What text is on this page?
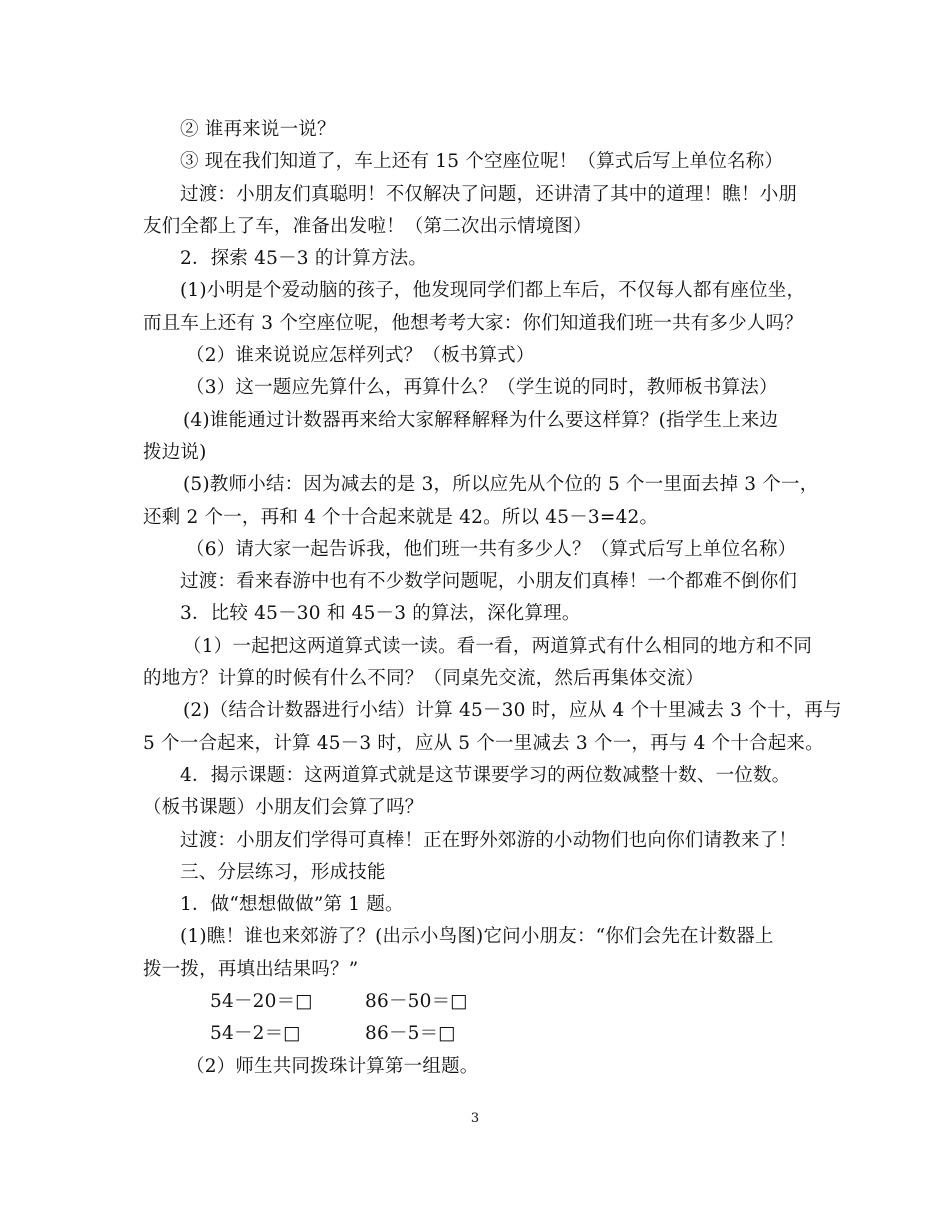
② 谁再来说一说？
③ 现在我们知道了，车上还有 15 个空座位呢！（算式后写上单位名称）
过渡：小朋友们真聪明！不仅解决了问题，还讲清了其中的道理！瞧！小朋
友们全都上了车，准备出发啦！（第二次出示情境图）
2．探索 45－3 的计算方法。
(1)小明是个爱动脑的孩子，他发现同学们都上车后，不仅每人都有座位坐，
而且车上还有 3 个空座位呢，他想考考大家：你们知道我们班一共有多少人吗？
（2）谁来说说应怎样列式？（板书算式）
（3）这一题应先算什么，再算什么？（学生说的同时，教师板书算法）
(4)谁能通过计数器再来给大家解释解释为什么要这样算？(指学生上来边
拨边说)
(5)教师小结：因为减去的是 3，所以应先从个位的 5 个一里面去掉 3 个一，
还剩 2 个一，再和 4 个十合起来就是 42。所以 45－3=42。
（6）请大家一起告诉我，他们班一共有多少人？（算式后写上单位名称）
过渡：看来春游中也有不少数学问题呢，小朋友们真棒！一个都难不倒你们
3．比较 45－30 和 45－3 的算法，深化算理。
（1）一起把这两道算式读一读。看一看，两道算式有什么相同的地方和不同
的地方？计算的时候有什么不同？（同桌先交流，然后再集体交流）
(2)（结合计数器进行小结）计算 45－30 时，应从 4 个十里减去 3 个十，再与
5 个一合起来，计算 45－3 时，应从 5 个一里减去 3 个一，再与 4 个十合起来。
4．揭示课题：这两道算式就是这节课要学习的两位数减整十数、一位数。
（板书课题）小朋友们会算了吗？
过渡：小朋友们学得可真棒！正在野外郊游的小动物们也向你们请教来了！
三、分层练习，形成技能
1．做“想想做做”第 1 题。
(1)瞧！谁也来郊游了？(出示小鸟图)它问小朋友：“你们会先在计数器上
拨一拨，再填出结果吗？”
54－20＝□	86－50＝□
54－2＝□	86－5＝□
（2）师生共同拨珠计算第一组题。
3
